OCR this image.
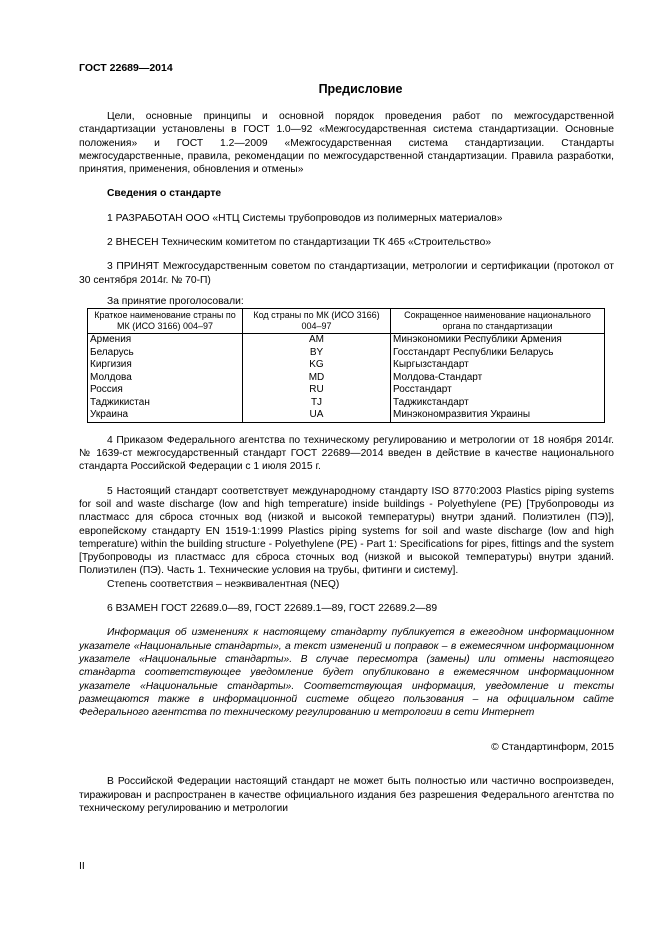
ГОСТ 22689—2014
Предисловие

Цели, основные принципы и основной порядок проведения работ по межгосударственной стандартизации установлены в ГОСТ 1.0—92 «Межгосударственная система стандартизации. Основные положения» и ГОСТ 1.2—2009 «Межгосударственная система стандартизации. Стандарты межгосударственные, правила, рекомендации по межгосударственной стандартизации. Правила разработки, принятия, применения, обновления и отмены»

Сведения о стандарте

1 РАЗРАБОТАН ООО «НТЦ Системы трубопроводов из полимерных материалов»

2 ВНЕСЕН Техническим комитетом по стандартизации ТК 465 «Строительство»

3 ПРИНЯТ Межгосударственным советом по стандартизации, метрологии и сертификации (протокол от 30 сентября 2014г. № 70-П)

За принятие проголосовали:

Краткое наименование страны по МК (ИСО 3166) 004–97	Код страны по МК (ИСО 3166) 004–97	Сокращенное наименование национального органа по стандартизации
Армения	AM	Минэкономики Республики Армения
Беларусь	BY	Госстандарт Республики Беларусь
Киргизия	KG	Кыргызстандарт
Молдова	MD	Молдова-Стандарт
Россия	RU	Росстандарт
Таджикистан	TJ	Таджикстандарт
Украина	UA	Минэкономразвития Украины

4 Приказом Федерального агентства по техническому регулированию и метрологии от 18 ноября 2014г. № 1639-ст межгосударственный стандарт ГОСТ 22689—2014 введен в действие в качестве национального стандарта Российской Федерации с 1 июля 2015 г.

5 Настоящий стандарт соответствует международному стандарту ISO 8770:2003 Plastics piping systems for soil and waste discharge (low and high temperature) inside buildings - Polyethylene (PE) [Трубопроводы из пластмасс для сброса сточных вод (низкой и высокой температуры) внутри зданий. Полиэтилен (ПЭ)], европейскому стандарту EN 1519-1:1999 Plastics piping systems for soil and waste discharge (low and high temperature) within the building structure - Polyethylene (PE) - Part 1: Specifications for pipes, fittings and the system [Трубопроводы из пластмасс для сброса сточных вод (низкой и высокой температуры) внутри зданий. Полиэтилен (ПЭ). Часть 1. Технические условия на трубы, фитинги и систему].

Степень соответствия – неэквивалентная (NEQ)

6 ВЗАМЕН ГОСТ 22689.0—89, ГОСТ 22689.1—89, ГОСТ 22689.2—89

Информация об изменениях к настоящему стандарту публикуется в ежегодном информационном указателе «Национальные стандарты», а текст изменений и поправок – в ежемесячном информационном указателе «Национальные стандарты». В случае пересмотра (замены) или отмены настоящего стандарта соответствующее уведомление будет опубликовано в ежемесячном информационном указателе «Национальные стандарты». Соответствующая информация, уведомление и тексты размещаются также в информационной системе общего пользования – на официальном сайте Федерального агентства по техническому регулированию и метрологии в сети Интернет

© Стандартинформ, 2015

В Российской Федерации настоящий стандарт не может быть полностью или частично воспроизведен, тиражирован и распространен в качестве официального издания без разрешения Федерального агентства по техническому регулированию и метрологии

II
